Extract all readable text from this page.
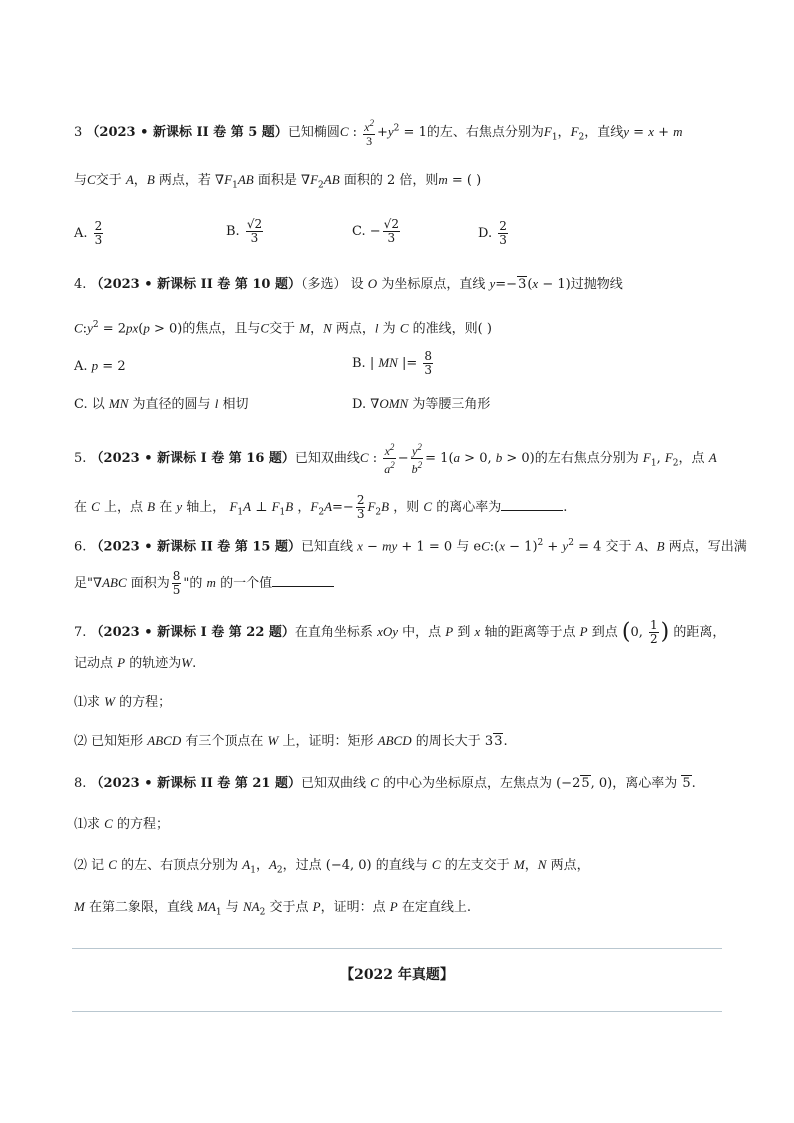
3 （2023 • 新课标 II 卷 第 5 题）已知椭圆C : $\frac{x^2}{3} +y^2 = 1$的左、右焦点分别为$F_1$，$F_2$，直线y = x + m
与C交于 A，B 两点，若 $\nabla F_1AB$ 面积是 $\nabla F_2AB$ 面积的 2 倍，则m = ( )
A. $\frac{2}{3}$	B. $\frac{√2}{3}$	C. − $\frac{√2}{3}$	D. $\frac{2}{3}$
4. （2023 • 新课标 II 卷 第 10 题）（多选） 设 O 为坐标原点，直线 y=−3(x − 1)过抛物线
$C:y^2 = 2px(p > 0)$的焦点，且与C交于 M，N 两点，l 为 C 的准线，则( )
A. p = 2	B. | MN |= $\frac{8}{3}$
C. 以 MN 为直径的圆与 l 相切	D. ∇OMN 为等腰三角形
5. （2023 • 新课标 I 卷 第 16 题）已知双曲线C : $\frac{x^2}{a^2} - \frac{y^2}{b^2} = 1(a > 0$, b > 0)的左右焦点分别为 $F_1$, $F_2$，点 A
在 C 上，点 B 在 y 轴上， $F_1A$ ⊥ $F_1B$ ，$F_2A=- \frac{2}{3} F_2B$ ，则 C 的离心率为	.
6. （2023 • 新课标 II 卷 第 15 题）已知直线 x − my + 1 = 0 与 eC:(x − $1)^2 + y^2 = 4$ 交于 A、B 两点，写出满
足"∇ABC 面积为 $\frac{8}{5}$ "的 m 的一个值
7. （2023 • 新课标 I 卷 第 22 题）在直角坐标系 xOy 中，点 P 到 x 轴的距离等于点 P 到点 (0, $\frac{1}{2}$ ) 的距离，
记动点 P 的轨迹为W.
⑴求 W 的方程；
⑵ 已知矩形 ABCD 有三个顶点在 W 上，证明：矩形 ABCD 的周长大于 33.
8. （2023 • 新课标 II 卷 第 21 题）已知双曲线 C 的中心为坐标原点，左焦点为 (−25, 0)，离心率为 5.
⑴求 C 的方程；
⑵ 记 C 的左、右顶点分别为 $A_1$，$A_2$，过点 (−4, 0) 的直线与 C 的左支交于 M，N 两点，
M 在第二象限，直线 $MA_1$ 与 $NA_2$ 交于点 P，证明：点 P 在定直线上.
【2022 年真题】
